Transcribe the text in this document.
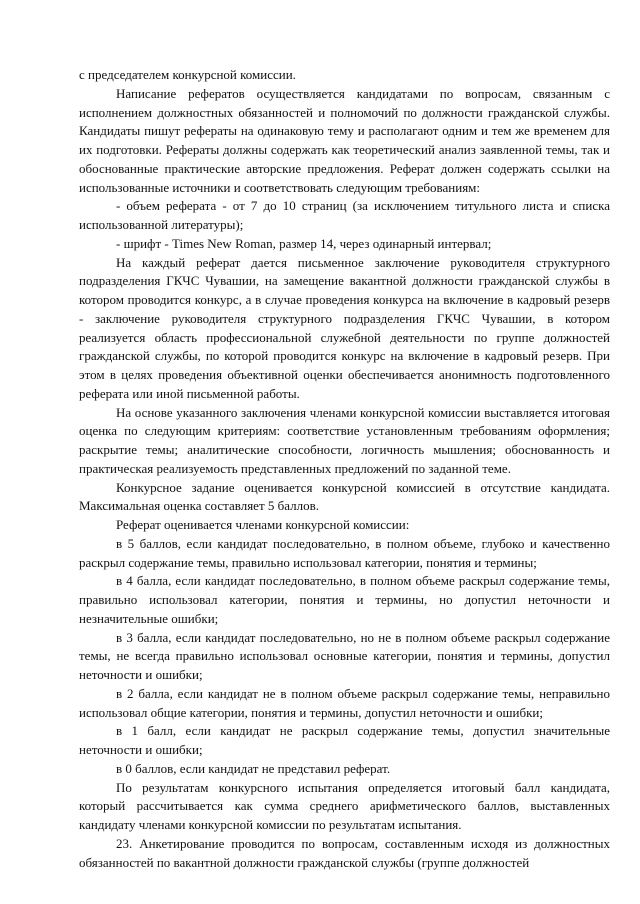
с председателем конкурсной комиссии.

Написание рефератов осуществляется кандидатами по вопросам, связанным с исполнением должностных обязанностей и полномочий по должности гражданской службы. Кандидаты пишут рефераты на одинаковую тему и располагают одним и тем же временем для их подготовки. Рефераты должны содержать как теоретический анализ заявленной темы, так и обоснованные практические авторские предложения. Реферат должен содержать ссылки на использованные источники и соответствовать следующим требованиям:

- объем реферата - от 7 до 10 страниц (за исключением титульного листа и списка использованной литературы);

- шрифт - Times New Roman, размер 14, через одинарный интервал;

На каждый реферат дается письменное заключение руководителя структурного подразделения ГКЧС Чувашии, на замещение вакантной должности гражданской службы в котором проводится конкурс, а в случае проведения конкурса на включение в кадровый резерв - заключение руководителя структурного подразделения ГКЧС Чувашии, в котором реализуется область профессиональной служебной деятельности по группе должностей гражданской службы, по которой проводится конкурс на включение в кадровый резерв. При этом в целях проведения объективной оценки обеспечивается анонимность подготовленного реферата или иной письменной работы.

На основе указанного заключения членами конкурсной комиссии выставляется итоговая оценка по следующим критериям: соответствие установленным требованиям оформления; раскрытие темы; аналитические способности, логичность мышления; обоснованность и практическая реализуемость представленных предложений по заданной теме.

Конкурсное задание оценивается конкурсной комиссией в отсутствие кандидата. Максимальная оценка составляет 5 баллов.

Реферат оценивается членами конкурсной комиссии:

в 5 баллов, если кандидат последовательно, в полном объеме, глубоко и качественно раскрыл содержание темы, правильно использовал категории, понятия и термины;

в 4 балла, если кандидат последовательно, в полном объеме раскрыл содержание темы, правильно использовал категории, понятия и термины, но допустил неточности и незначительные ошибки;

в 3 балла, если кандидат последовательно, но не в полном объеме раскрыл содержание темы, не всегда правильно использовал основные категории, понятия и термины, допустил неточности и ошибки;

в 2 балла, если кандидат не в полном объеме раскрыл содержание темы, неправильно использовал общие категории, понятия и термины, допустил неточности и ошибки;

в 1 балл, если кандидат не раскрыл содержание темы, допустил значительные неточности и ошибки;

в 0 баллов, если кандидат не представил реферат.

По результатам конкурсного испытания определяется итоговый балл кандидата, который рассчитывается как сумма среднего арифметического баллов, выставленных кандидату членами конкурсной комиссии по результатам испытания.

23. Анкетирование проводится по вопросам, составленным исходя из должностных обязанностей по вакантной должности гражданской службы (группе должностей
